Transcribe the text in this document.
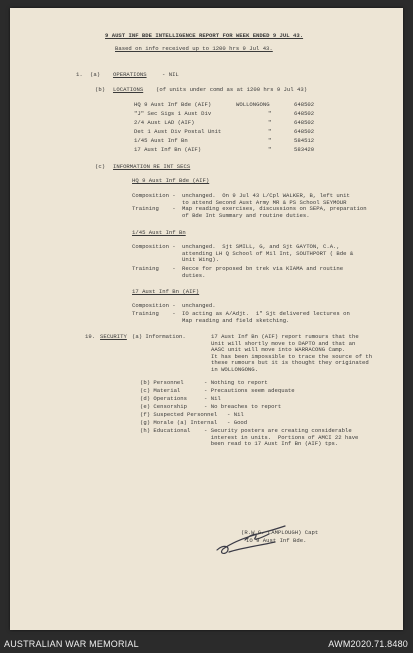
9 AUST INF BDE INTELLIGENCE REPORT FOR WEEK ENDED 9 JUL 43.
Based on info received up to 1200 hrs 9 Jul 43.
1. (a) OPERATIONS	- NIL
(b) LOCATIONS (of units under comd as at 1200 hrs 9 Jul 43)
HQ 9 Aust Inf Bde (AIF)	WOLLONGONG	648502
"J" Sec Sigs 1 Aust Div	"	648502
2/4 Aust LAD (AIF)	"	648502
Det 1 Aust Div Postal Unit	"	648502
1/45 Aust Inf Bn	"	584512
17 Aust Inf Bn (AIF)	"	583420
(c) INFORMATION RE INT SECS
HQ 9 Aust Inf Bde (AIF)
Composition - unchanged.  On 9 Jul 43 L/Cpl WALKER, B, left unit
to attend Second Aust Army MR & PS School SEYMOUR
Training    - Map reading exercises, discussions on SEPA, preparation
of Bde Int Summary and routine duties.
1/45 Aust Inf Bn
Composition - unchanged.  Sjt SMILL, G, and Sjt GAYTON, C.A.,
attending LH Q School of Mil Int, SOUTHPORT ( Bde &
Unit Wing).
Training    - Recce for proposed bn trek via KIAMA and routine
duties.
17 Aust Inf Bn (AIF)
Composition - unchanged.
Training    - IO acting as A/Adjt.  1" Sjt delivered lectures on
Map reading and field sketching.
19. SECURITY (a) Information.	17 Aust Inf Bn (AIF) report rumours that the
Unit will shortly move to DAPTO and that an
AASC unit will move into WARRACONG Camp.
It has been impossible to trace the source of th
these rumours but it is thought they originated
in WOLLONGONG.
(b) Personnel	- Nothing to report
(c) Material	- Precautions seem adequate
(d) Operations	- Nil
(e) Censorship	- No breaches to report
(f) Suspected Personnel - Nil
(g) Morale (a) Internal - Good
(h) Educational - Security posters are creating considerable
interest in units.  Portions of AMCI 22 have
been read to 17 Aust Inf Bn (AIF) tps.
(R.W.G. LAMPLOUGH) Capt
IO 9 Aust Inf Bde.
AUSTRALIAN WAR MEMORIAL	AWM2020.71.8480
